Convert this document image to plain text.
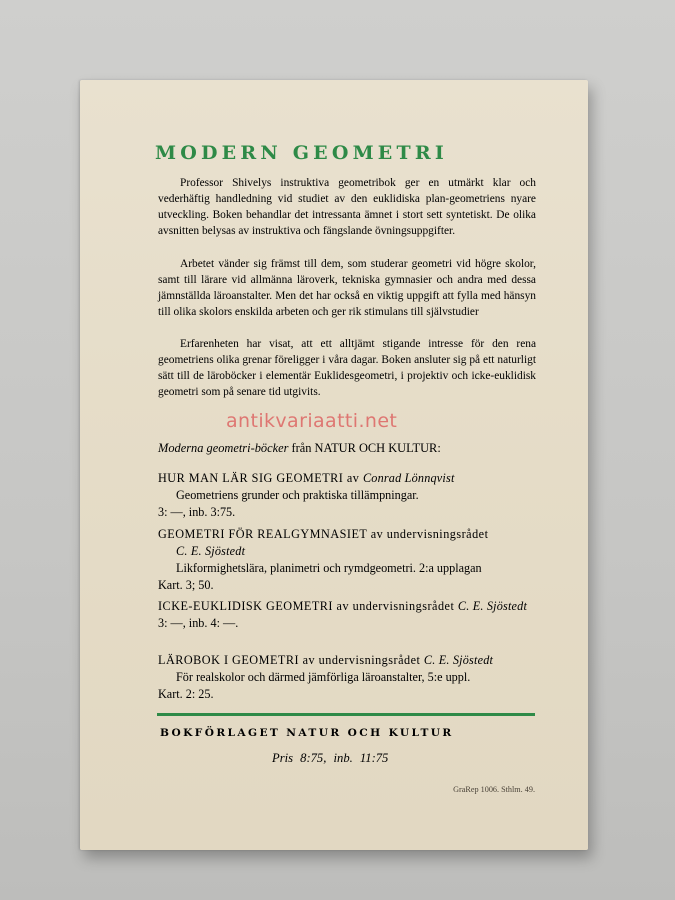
MODERN GEOMETRI

Professor Shivelys instruktiva geometribok ger en utmärkt klar och vederhäftig handledning vid studiet av den euklidiska plan‐geometriens nyare utveckling. Boken behandlar det intressanta ämnet i stort sett syntetiskt. De olika avsnitten belysas av instruktiva och fängslande övningsuppgifter.

Arbetet vänder sig främst till dem, som studerar geometri vid högre skolor, samt till lärare vid allmänna läroverk, tekniska gymnasier och andra med dessa jämnställda läroanstalter. Men det har också en viktig uppgift att fylla med hänsyn till olika skolors enskilda arbeten och ger rik stimulans till självstudier

Erfarenheten har visat, att ett alltjämt stigande intresse för den rena geometriens olika grenar föreligger i våra dagar. Boken ansluter sig på ett naturligt sätt till de läroböcker i elementär Euklidesgeometri, i projektiv och icke‐euklidisk geometri som på senare tid utgivits.

antikvariaatti.net

Moderna geometri‐böcker från NATUR OCH KULTUR:

HUR MAN LÄR SIG GEOMETRI av Conrad Lönnqvist
Geometriens grunder och praktiska tillämpningar.
3: —, inb. 3:75.
GEOMETRI FÖR REALGYMNASIET av undervisningsrådet
C. E. Sjöstedt
Likformighetslära, planimetri och rymdgeometri. 2:a upplagan
Kart. 3; 50.
ICKE‐EUKLIDISK GEOMETRI av undervisningsrådet C. E. Sjöstedt
3: —, inb. 4: —.
LÄROBOK I GEOMETRI av undervisningsrådet C. E. Sjöstedt
För realskolor och därmed jämförliga läroanstalter, 5:e uppl.
Kart. 2: 25.

BOKFÖRLAGET NATUR OCH KULTUR

Pris 8:75, inb. 11:75

GraRep 1006. Sthlm. 49.
